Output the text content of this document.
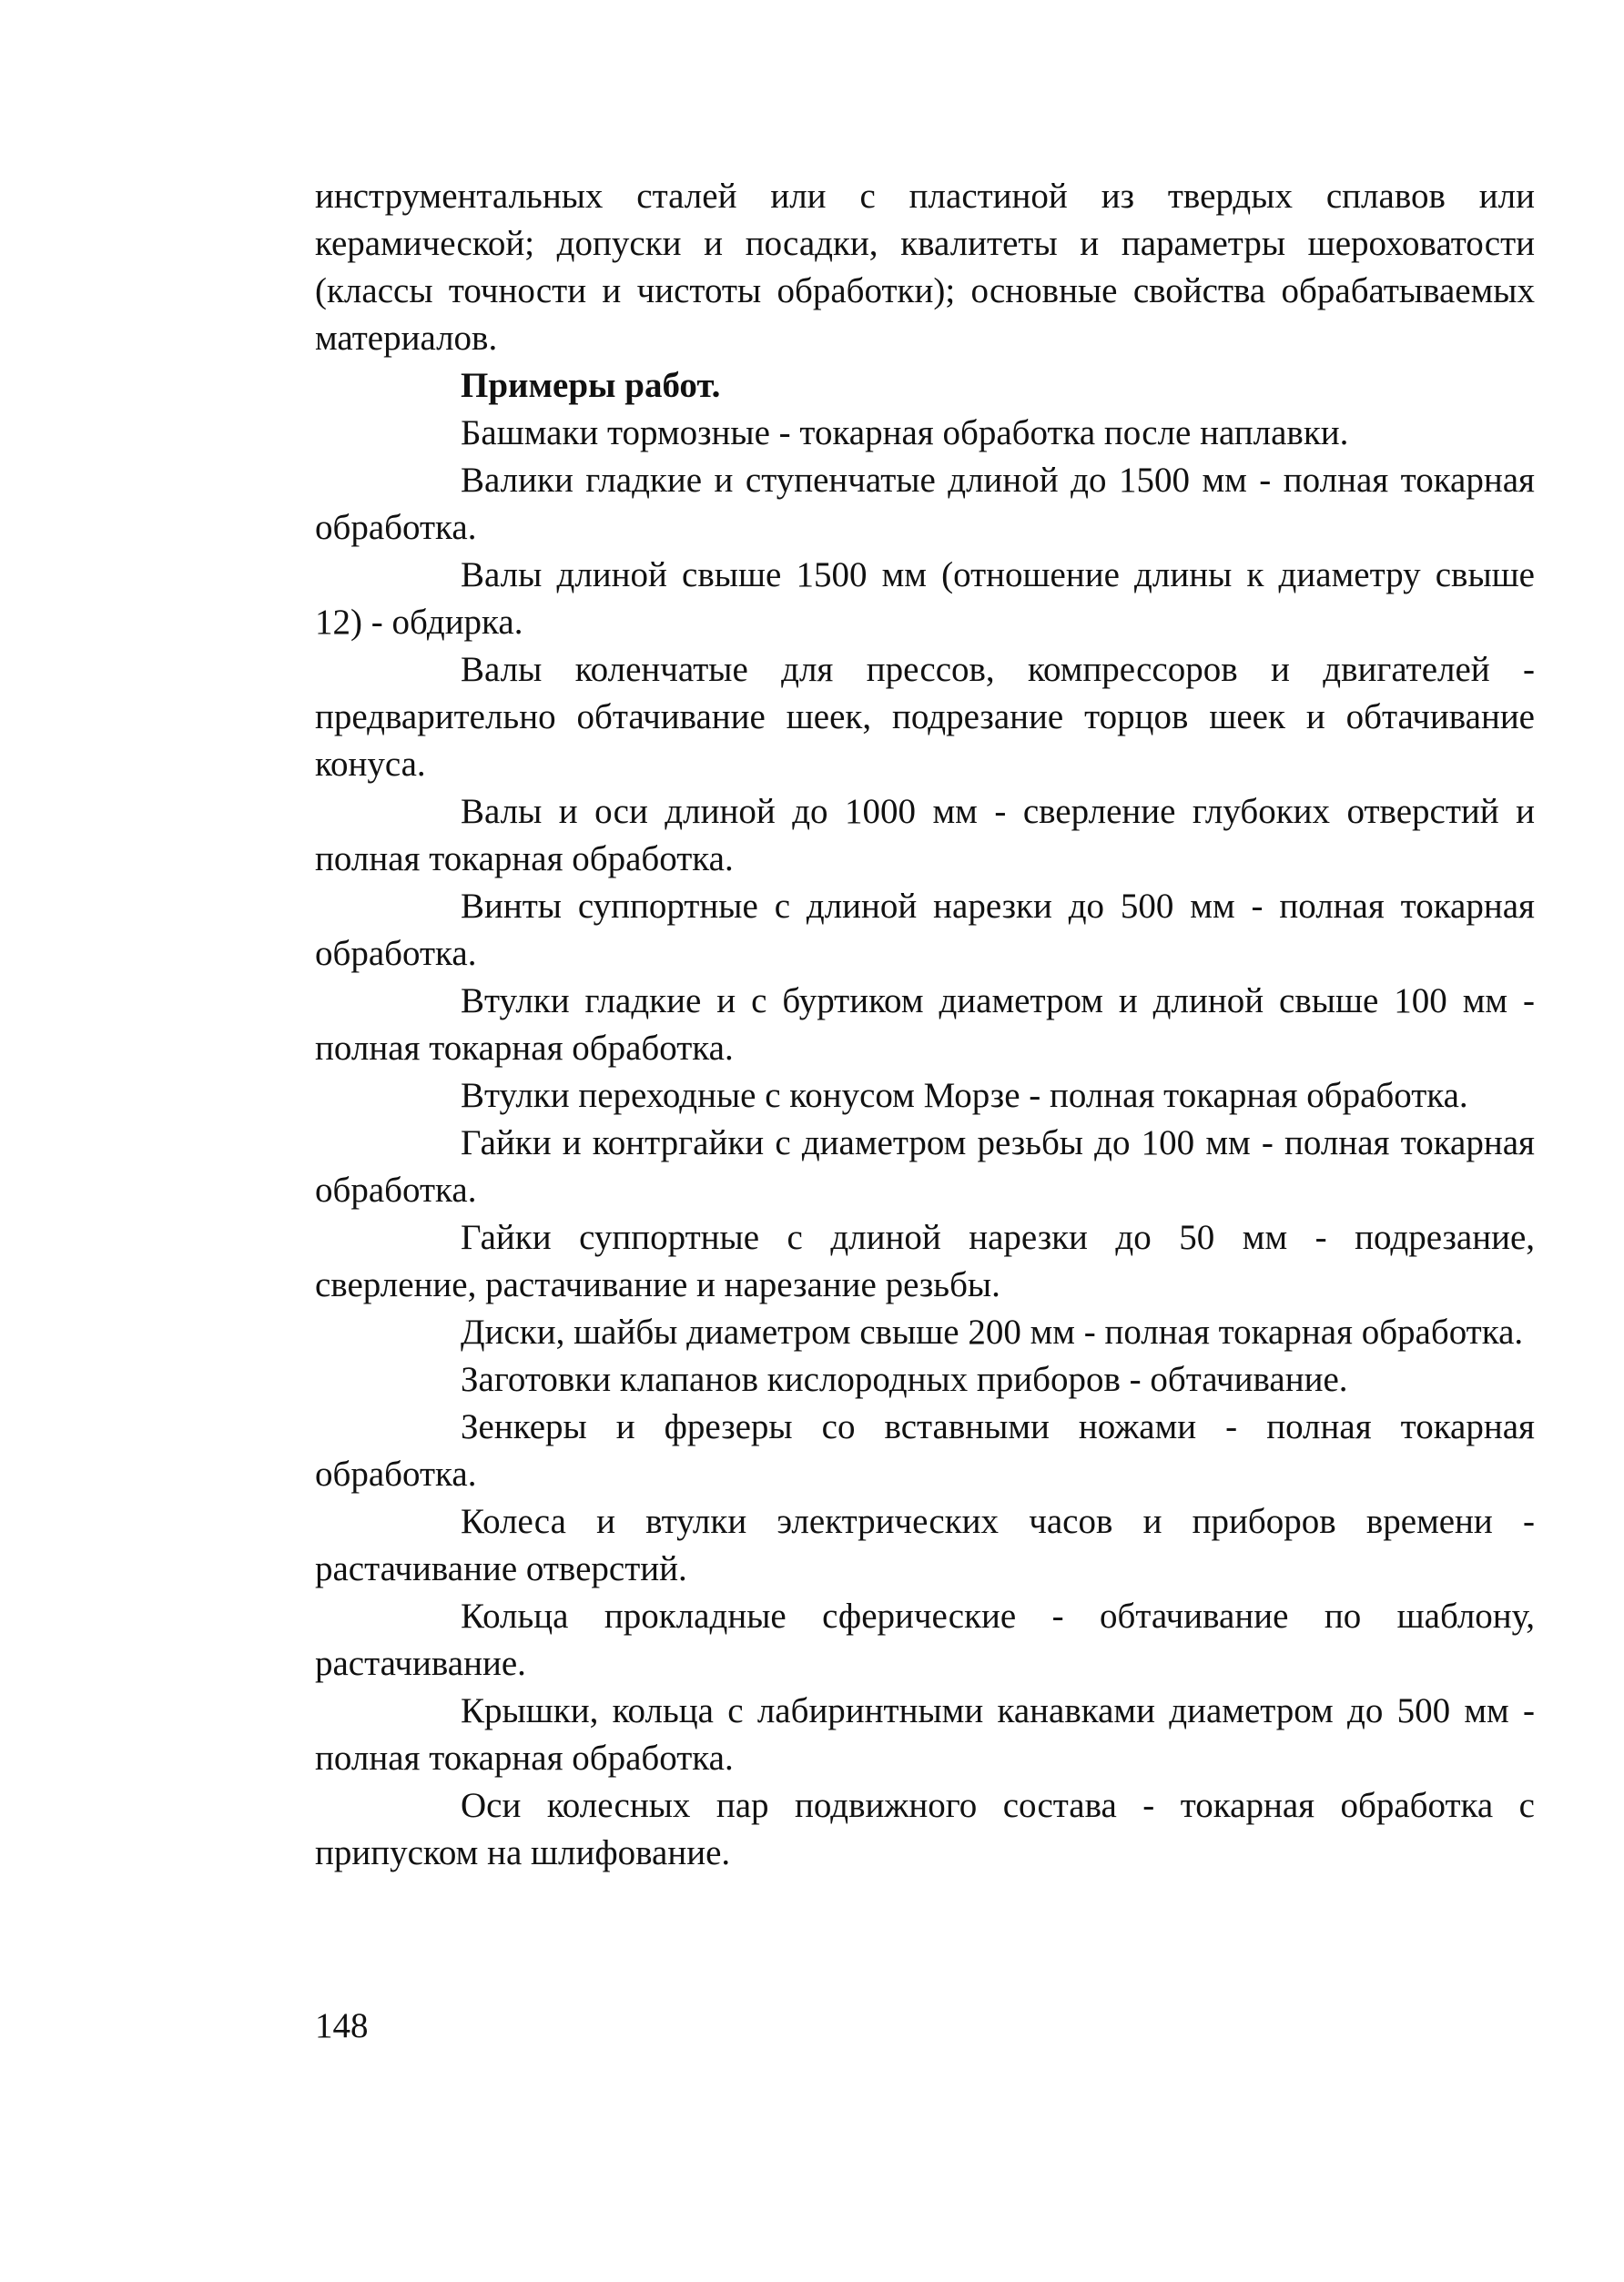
инструментальных сталей или с пластиной из твердых сплавов или керамической; допуски и посадки, квалитеты и параметры шероховатости (классы точности и чистоты обработки); основные свойства обрабатываемых материалов.

Примеры работ.

Башмаки тормозные - токарная обработка после наплавки.

Валики гладкие и ступенчатые длиной до 1500 мм - полная токарная обработка.

Валы длиной свыше 1500 мм (отношение длины к диаметру свыше 12) - обдирка.

Валы коленчатые для прессов, компрессоров и двигателей - предварительно обтачивание шеек, подрезание торцов шеек и обтачивание конуса.

Валы и оси длиной до 1000 мм - сверление глубоких отверстий и полная токарная обработка.

Винты суппортные с длиной нарезки до 500 мм - полная токарная обработка.

Втулки гладкие и с буртиком диаметром и длиной свыше 100 мм - полная токарная обработка.

Втулки переходные с конусом Морзе - полная токарная обработка.

Гайки и контргайки с диаметром резьбы до 100 мм - полная токарная обработка.

Гайки суппортные с длиной нарезки до 50 мм - подрезание, сверление, растачивание и нарезание резьбы.

Диски, шайбы диаметром свыше 200 мм - полная токарная обработка.

Заготовки клапанов кислородных приборов - обтачивание.

Зенкеры и фрезеры со вставными ножами - полная токарная обработка.

Колеса и втулки электрических часов и приборов времени - растачивание отверстий.

Кольца прокладные сферические - обтачивание по шаблону, растачивание.

Крышки, кольца с лабиринтными канавками диаметром до 500 мм - полная токарная обработка.

Оси колесных пар подвижного состава - токарная обработка с припуском на шлифование.

148
